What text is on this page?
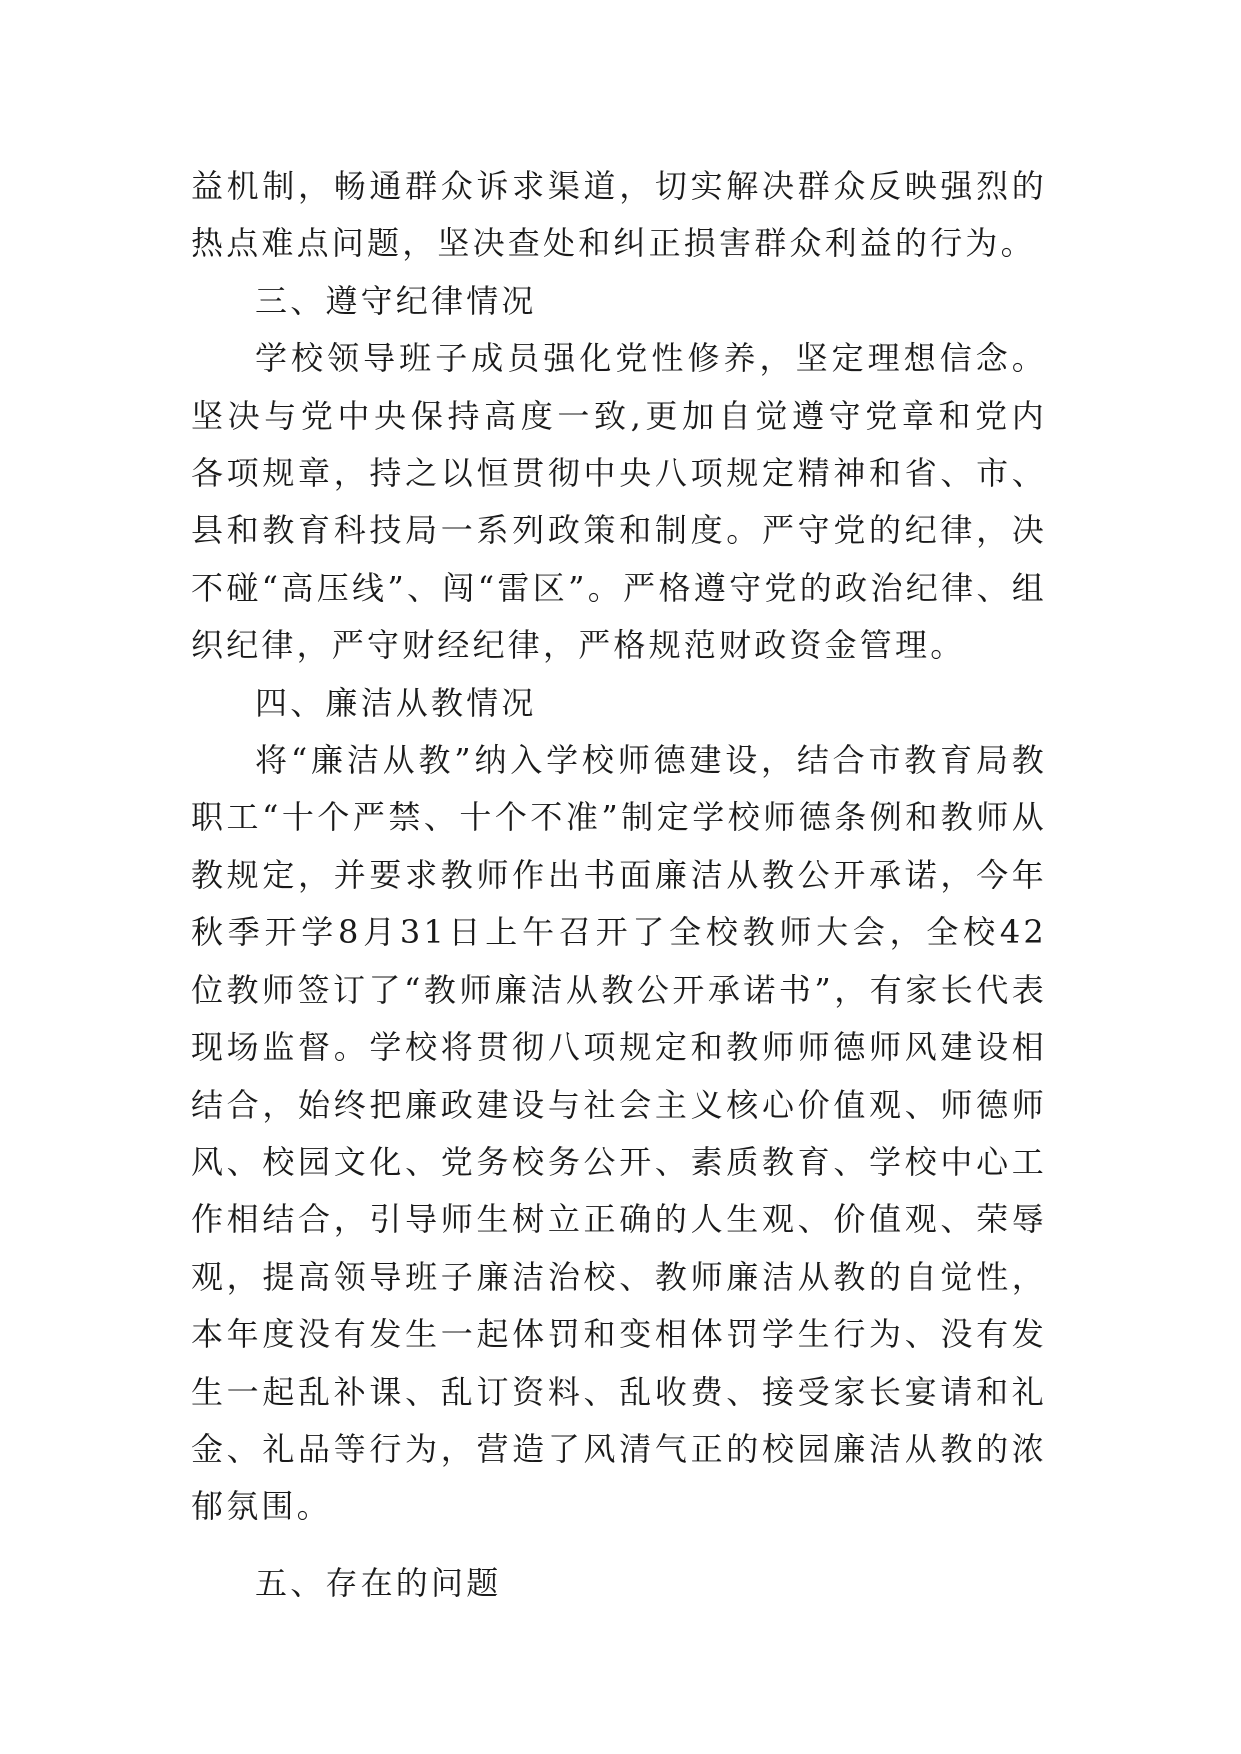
益机制，畅通群众诉求渠道，切实解决群众反映强烈的热点难点问题，坚决查处和纠正损害群众利益的行为。

三、遵守纪律情况

学校领导班子成员强化党性修养，坚定理想信念。坚决与党中央保持高度一致,更加自觉遵守党章和党内各项规章，持之以恒贯彻中央八项规定精神和省、市、县和教育科技局一系列政策和制度。严守党的纪律，决不碰“高压线”、闯“雷区”。严格遵守党的政治纪律、组织纪律，严守财经纪律，严格规范财政资金管理。

四、廉洁从教情况

将“廉洁从教”纳入学校师德建设，结合市教育局教职工“十个严禁、十个不准”制定学校师德条例和教师从教规定，并要求教师作出书面廉洁从教公开承诺，今年秋季开学8月31日上午召开了全校教师大会，全校42位教师签订了“教师廉洁从教公开承诺书”，有家长代表现场监督。学校将贯彻八项规定和教师师德师风建设相结合，始终把廉政建设与社会主义核心价值观、师德师风、校园文化、党务校务公开、素质教育、学校中心工作相结合，引导师生树立正确的人生观、价值观、荣辱观，提高领导班子廉洁治校、教师廉洁从教的自觉性，本年度没有发生一起体罚和变相体罚学生行为、没有发生一起乱补课、乱订资料、乱收费、接受家长宴请和礼金、礼品等行为，营造了风清气正的校园廉洁从教的浓郁氛围。

五、存在的问题
